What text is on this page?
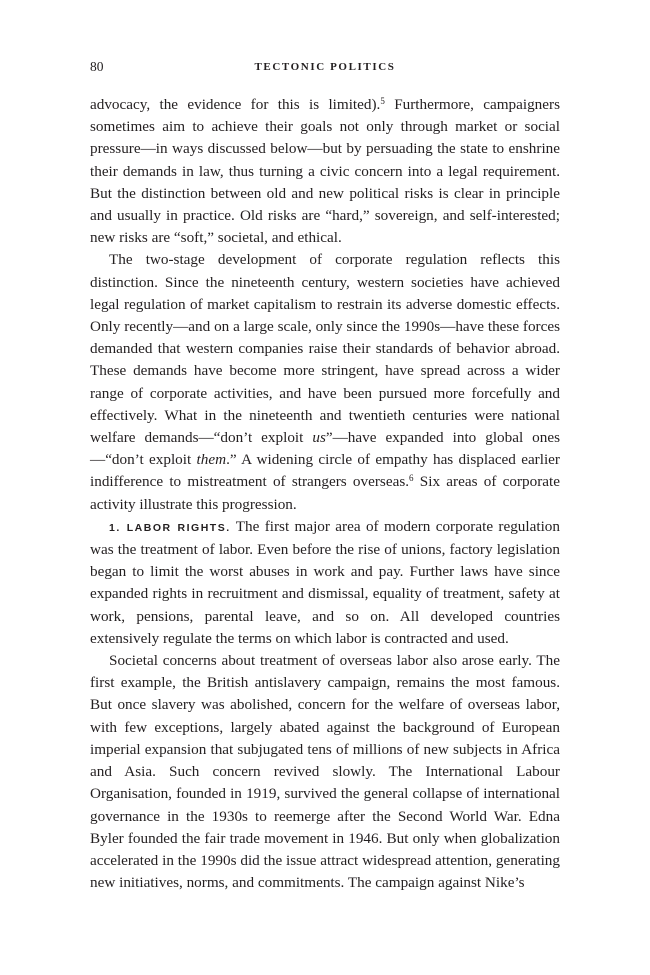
80	TECTONIC POLITICS

advocacy, the evidence for this is limited).$^5$ Furthermore, campaigners sometimes aim to achieve their goals not only through market or social pressure—in ways discussed below—but by persuading the state to enshrine their demands in law, thus turning a civic concern into a legal requirement. But the distinction between old and new political risks is clear in principle and usually in practice. Old risks are “hard,” sovereign, and self-interested; new risks are “soft,” societal, and ethical.

The two-stage development of corporate regulation reflects this distinction. Since the nineteenth century, western societies have achieved legal regulation of market capitalism to restrain its adverse domestic effects. Only recently—and on a large scale, only since the 1990s—have these forces demanded that western companies raise their standards of behavior abroad. These demands have become more stringent, have spread across a wider range of corporate activities, and have been pursued more forcefully and effectively. What in the nineteenth and twentieth centuries were national welfare demands—“don’t exploit us”—have expanded into global ones—“don’t exploit them.” A widening circle of empathy has displaced earlier indifference to mistreatment of strangers overseas.$^6$ Six areas of corporate activity illustrate this progression.

1. LABOR RIGHTS. The first major area of modern corporate regulation was the treatment of labor. Even before the rise of unions, factory legislation began to limit the worst abuses in work and pay. Further laws have since expanded rights in recruitment and dismissal, equality of treatment, safety at work, pensions, parental leave, and so on. All developed countries extensively regulate the terms on which labor is contracted and used.

Societal concerns about treatment of overseas labor also arose early. The first example, the British antislavery campaign, remains the most famous. But once slavery was abolished, concern for the welfare of overseas labor, with few exceptions, largely abated against the background of European imperial expansion that subjugated tens of millions of new subjects in Africa and Asia. Such concern revived slowly. The International Labour Organisation, founded in 1919, survived the general collapse of international governance in the 1930s to reemerge after the Second World War. Edna Byler founded the fair trade movement in 1946. But only when globalization accelerated in the 1990s did the issue attract widespread attention, generating new initiatives, norms, and commitments. The campaign against Nike’s
